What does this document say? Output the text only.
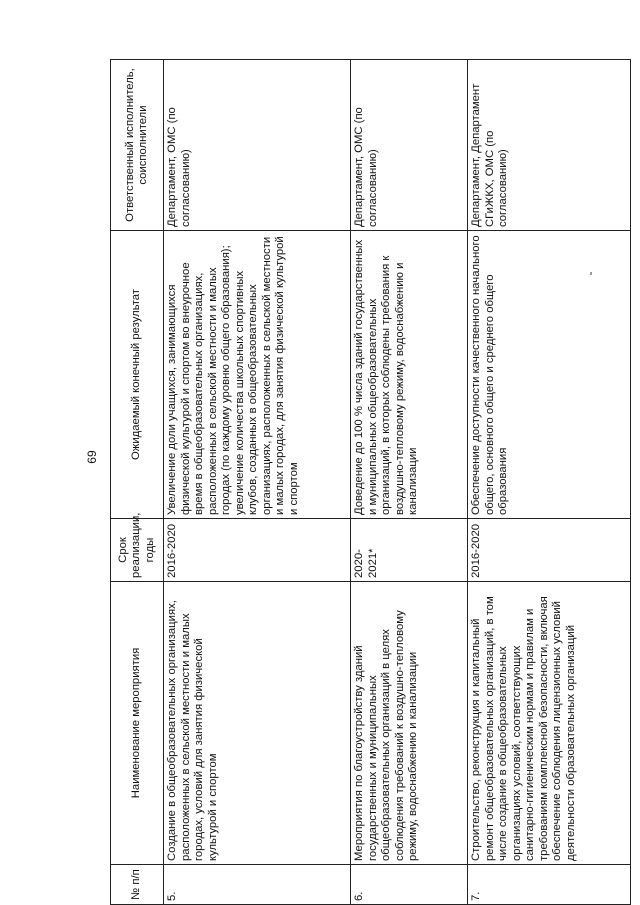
69
№ п/п	Наименование мероприятия	Срок реализации, годы	Ожидаемый конечный результат	Ответственный исполнитель, соисполнители
5.	Создание в общеобразовательных организациях, расположенных в сельской местности и малых городах, условий для занятия физической культурой и спортом	2016-2020	Увеличение доли учащихся, занимающихся физической культурой и спортом во внеурочное время в общеобразовательных организациях, расположенных в сельской местности и малых городах (по каждому уровню общего образования); увеличение количества школьных спортивных клубов, созданных в общеобразовательных организациях, расположенных в сельской местности и малых городах, для занятия физической культурой и спортом	Департамент, ОМС (по согласованию)
6.	Мероприятия по благоустройству зданий государственных и муниципальных общеобразовательных организаций в целях соблюдения требований к воздушно-тепловому режиму, водоснабжению и канализации	2020-2021*	Доведение до 100 % числа зданий государственных и муниципальных общеобразовательных организаций, в которых соблюдены требования к воздушно-тепловому режиму, водоснабжению и канализации	Департамент, ОМС (по согласованию)
7.	Строительство, реконструкция и капитальный ремонт общеобразовательных организаций, в том числе создание в общеобразовательных организациях условий, соответствующих санитарно-гигиеническим нормам и правилам и требованиям комплексной безопасности, включая обеспечение соблюдения лицензионных условий деятельности образовательных организаций	2016-2020	Обеспечение доступности качественного начального общего, основного общего и среднего общего образования	Департамент, Департамент СГиЖКХ, ОМС (по согласованию)
